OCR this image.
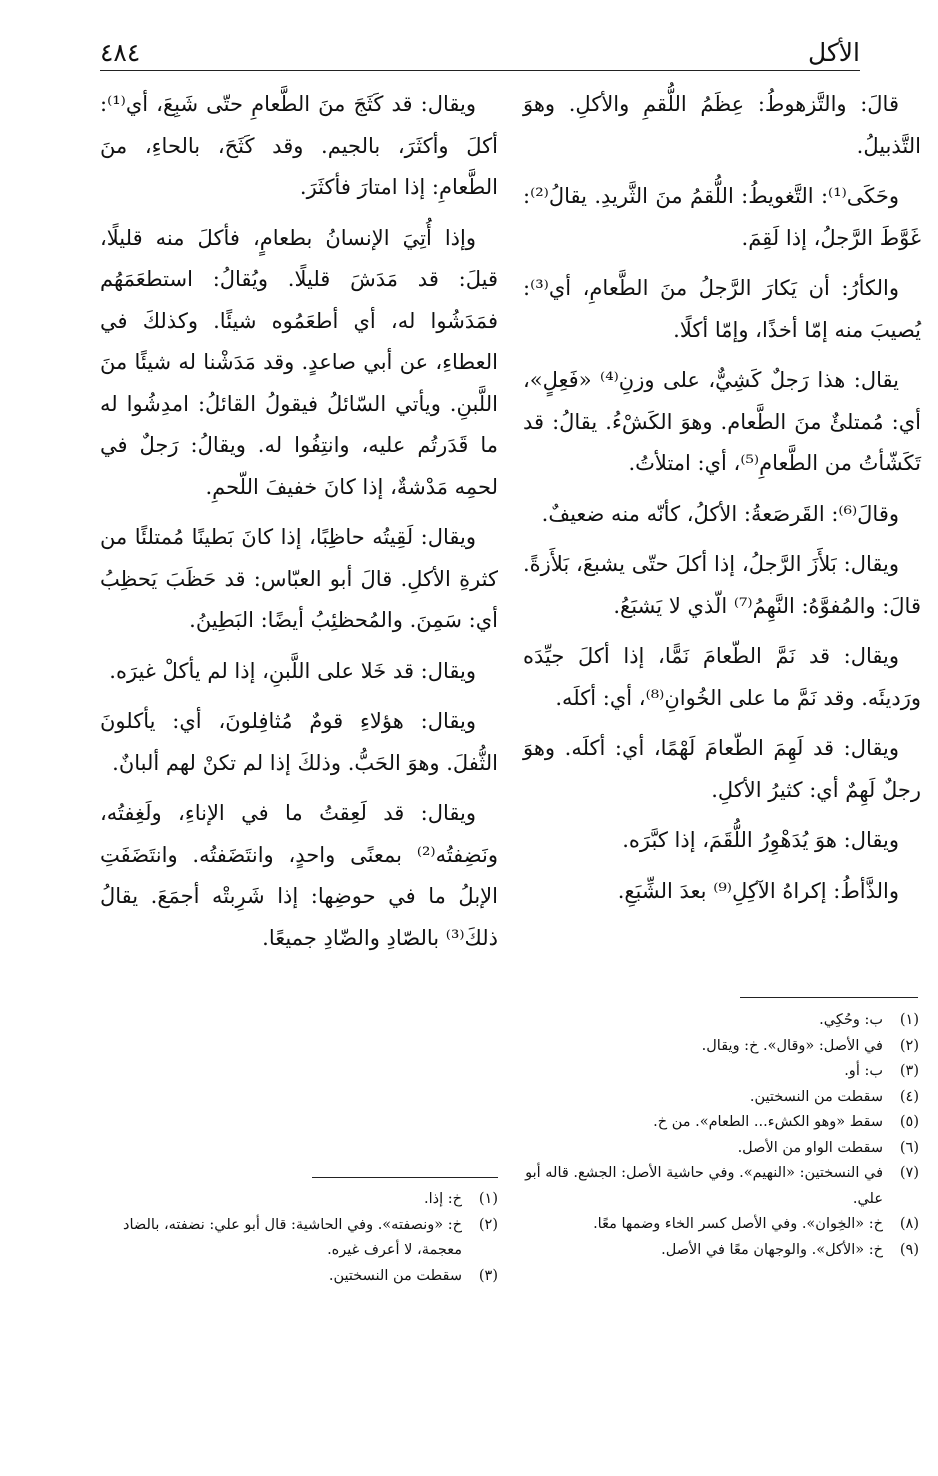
الأكل
٤٨٤

قالَ: والتَّزهوطُ: عِظَمُ اللُّقمِ والأكلِ. وهوَ التَّذبيلُ.

وحَكَى⁽¹⁾: التَّغويطُ: اللُّقمُ منَ الثَّريدِ. يقالُ⁽²⁾: غَوَّطَ الرَّجلُ، إذا لَقِمَ.

والكأرُ: أن يَكارَ الرَّجلُ منَ الطَّعامِ، أي⁽³⁾: يُصيبَ منه إمّا أخذًا، وإمّا أكلًا.

يقال: هذا رَجلٌ كَشِيٌّ، على وزنِ⁽⁴⁾ «فَعِلٍ»، أي: مُمتلئٌ منَ الطَّعام. وهوَ الكَشْءُ. يقالُ: قد تَكَشّأتُ من الطَّعامِ⁽⁵⁾، أي: امتلأتُ.

وقالَ⁽⁶⁾: القَرصَعةُ: الأكلُ، كأنّه منه ضعيفٌ.

ويقال: بَلأَزَ الرَّجلُ، إذا أكلَ حتّى يشبعَ، بَلأَزةً. قالَ: والمُفوَّهُ: النَّهِمُ⁽⁷⁾ الّذي لا يَشبَعُ.

ويقال: قد نَمَّ الطّعامَ نَمًّا، إذا أكلَ جيِّدَه ورَديئَه. وقد نَمَّ ما على الخُوانِ⁽⁸⁾، أي: أكلَه.

ويقال: قد لَهِمَ الطّعامَ لَهْمًا، أي: أكلَه. وهوَ رجلٌ لَهِمٌ أي: كثيرُ الأكلِ.

ويقال: هوَ يُدَهْوِرُ اللُّقَمَ، إذا كبَّرَه.

والذَّأطُ: إكراهُ الآكِلِ⁽⁹⁾ بعدَ الشِّبَعِ.

ويقال: قد كَثَجَ منَ الطَّعامِ حتّى شَبِعَ، أي⁽¹⁾: أكلَ وأكثَرَ، بالجيم. وقد كَثَحَ، بالحاءِ، منَ الطَّعامِ: إذا امتارَ فأكثَرَ.

وإذا أُتِيَ الإنسانُ بطعامٍ، فأكلَ منه قليلًا، قيلَ: قد مَدَشَ قليلًا. ويُقالُ: استطعَمَهُم فمَدَشُوا له، أي أطعَمُوه شيئًا. وكذلكَ في العطاءِ، عن أبي صاعدٍ. وقد مَدَشْنا له شيئًا منَ اللَّبنِ. ويأتي السّائلُ فيقولُ القائلُ: امدِشُوا له ما قَدَرتُم عليه، وانتِفُوا له. ويقالُ: رَجلٌ في لحمِه مَدْشةٌ، إذا كانَ خفيفَ اللّحمِ.

ويقال: لَقِيتُه حاظِبًا، إذا كانَ بَطينًا مُمتلئًا من كثرةِ الأكلِ. قالَ أبو العبّاس: قد حَظَبَ يَحظِبُ أي: سَمِنَ. والمُحظئِبُ أيضًا: البَطِينُ.

ويقال: قد خَلا على اللَّبنِ، إذا لم يأكلْ غيرَه.

ويقال: هؤلاءِ قومٌ مُثافِلونَ، أي: يأكلونَ الثُّفلَ. وهوَ الحَبُّ. وذلكَ إذا لم تكنْ لهم ألبانٌ.

ويقال: قد لَعِقتُ ما في الإناءِ، ولَغِفتُه، ونَضِفتُه⁽²⁾ بمعنًى واحدٍ، وانتَضَفتُه. وانتَضَفَتِ الإبلُ ما في حوضِها: إذا شَرِبتْه أجمَعَ. يقالُ ذلكَ⁽³⁾ بالصّادِ والضّادِ جميعًا.

(١)
ب: وحُكِي.
(٢)
في الأصل: «وقال». خ: ويقال.
(٣)
ب: أو.
(٤)
سقطت من النسختين.
(٥)
سقط «وهو الكشء... الطعام». من خ.
(٦)
سقطت الواو من الأصل.
(٧)
في النسختين: «النهيم». وفي حاشية الأصل: الجشع. قاله أبو علي.
(٨)
خ: «الخِوان». وفي الأصل كسر الخاء وضمها معًا.
(٩)
خ: «الأكل». والوجهان معًا في الأصل.
(١)
خ: إذا.
(٢)
خ: «ونصفته». وفي الحاشية: قال أبو علي: نضفته، بالضاد معجمة، لا أعرف غيره.
(٣)
سقطت من النسختين.
